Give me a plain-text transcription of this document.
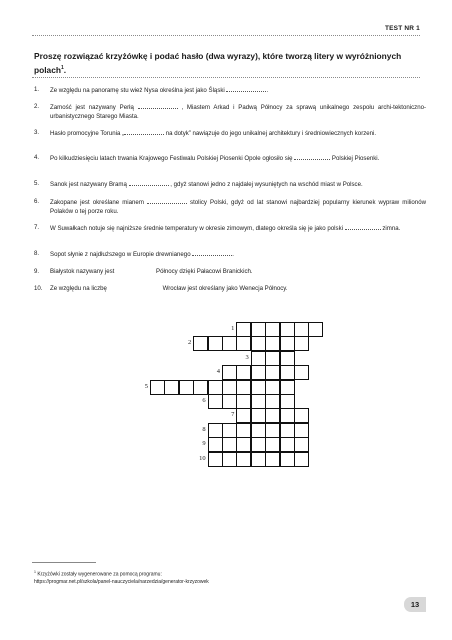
TEST NR 1
Proszę rozwiązać krzyżówkę i podać hasło (dwa wyrazy), które tworzą litery w wyróżnionych polach$^1$.
1.	Ze względu na panoramę stu wież Nysa określna jest jako Śląski	.
2.	Zamość jest nazywany Perłą	, Miastem Arkad i Padwą Północy za sprawą unikalnego zespołu archi-tektoniczno-urbanistycznego Starego Miasta.
3.	Hasło promocyjne Torunia „	na dotyk” nawiązuje do jego unikalnej architektury i średniowiecznych korzeni.
4.	Po kilkudziesięciu latach trwania Krajowego Festiwalu Polskiej Piosenki Opole ogłosiło się	Polskiej Piosenki.
5.	Sanok jest nazywany Bramą	, gdyż stanowi jedno z najdalej wysuniętych na wschód miast w Polsce.
6.	Zakopane jest określane mianem	stolicy Polski, gdyż od lat stanowi najbardziej popularny kierunek wypraw milionów Polaków o tej porze roku.
7.	W Suwałkach notuje się najniższe średnie temperatury w okresie zimowym, dlatego określa się je jako polski	zimna.
8.	Sopot słynie z najdłuższego w Europie drewnianego	.
9.	Białystok nazywany jest	Północy dzięki Pałacowi Branickich.
10.	Ze względu na liczbę	Wrocław jest określany jako Wenecja Północy.
1
2
3
4
5
6
7
8
9
10
$^1$ Krzyżówki zostały wygenerowane za pomocą programu:
https://progmar.net.pl/szkola/panel-nauczyciela/narzedzia/generator-krzyzowek
13
